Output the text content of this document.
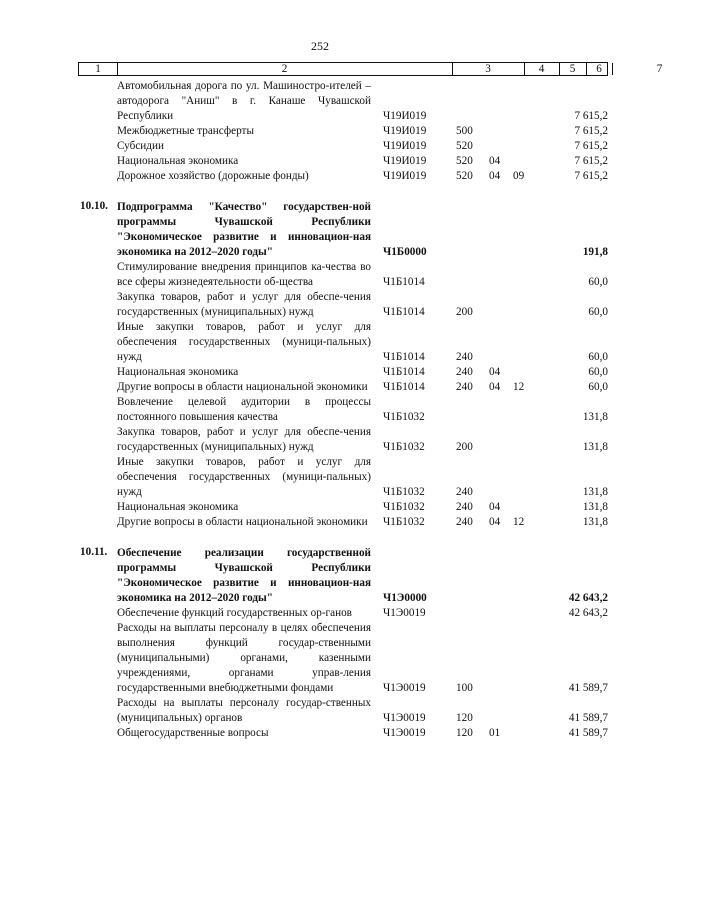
252
1	2	3	4	5	6	7
Автомобильная дорога по ул. Машиностро-ителей – автодорога "Аниш" в г. Канаше Чувашской Республики	Ч19И019	7 615,2
Межбюджетные трансферты	Ч19И019	500	7 615,2
Субсидии	Ч19И019	520	7 615,2
Национальная экономика	Ч19И019	520 04	7 615,2
Дорожное хозяйство (дорожные фонды)	Ч19И019	520 04 09	7 615,2
10.10. Подпрограмма "Качество" государствен-ной программы Чувашской Республики "Экономическое развитие и инновацион-ная экономика на 2012–2020 годы"	Ч1Б0000	191,8
Стимулирование внедрения принципов ка-чества во все сферы жизнедеятельности об-щества	Ч1Б1014	60,0
Закупка товаров, работ и услуг для обеспе-чения государственных (муниципальных) нужд	Ч1Б1014	200	60,0
Иные закупки товаров, работ и услуг для обеспечения государственных (муници-пальных) нужд	Ч1Б1014	240	60,0
Национальная экономика	Ч1Б1014	240 04	60,0
Другие вопросы в области национальной экономики	Ч1Б1014	240 04 12	60,0
Вовлечение целевой аудитории в процессы постоянного повышения качества	Ч1Б1032	131,8
Закупка товаров, работ и услуг для обеспе-чения государственных (муниципальных) нужд	Ч1Б1032	200	131,8
Иные закупки товаров, работ и услуг для обеспечения государственных (муници-пальных) нужд	Ч1Б1032	240	131,8
Национальная экономика	Ч1Б1032	240 04	131,8
Другие вопросы в области национальной экономики	Ч1Б1032	240 04 12	131,8
10.11. Обеспечение реализации государственной программы Чувашской Республики "Экономическое развитие и инновацион-ная экономика на 2012–2020 годы"	Ч1Э0000	42 643,2
Обеспечение функций государственных ор-ганов	Ч1Э0019	42 643,2
Расходы на выплаты персоналу в целях обеспечения выполнения функций государ-ственными (муниципальными) органами, казенными учреждениями, органами управ-ления государственными внебюджетными фондами	Ч1Э0019	100	41 589,7
Расходы на выплаты персоналу государ-ственных (муниципальных) органов	Ч1Э0019	120	41 589,7
Общегосударственные вопросы	Ч1Э0019	120 01	41 589,7
